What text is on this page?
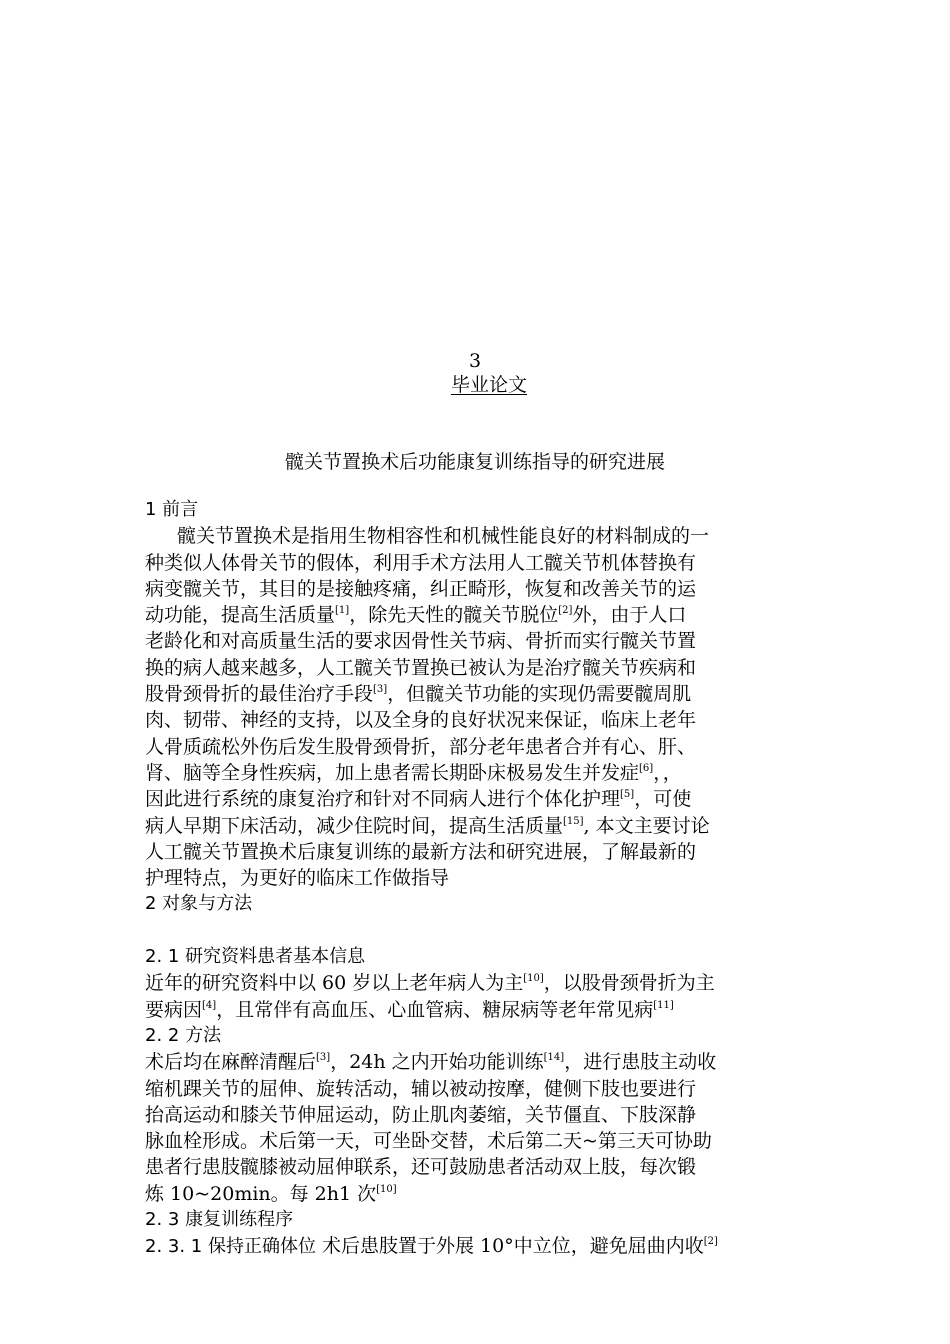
3
毕业论文
髋关节置换术后功能康复训练指导的研究进展
1 前言
髋关节置换术是指用生物相容性和机械性能良好的材料制成的一
种类似人体骨关节的假体，利用手术方法用人工髋关节机体替换有
病变髋关节，其目的是接触疼痛，纠正畸形，恢复和改善关节的运
动功能，提高生活质量[1]，除先天性的髋关节脱位[2]外，由于人口
老龄化和对高质量生活的要求因骨性关节病、骨折而实行髋关节置
换的病人越来越多，人工髋关节置换已被认为是治疗髋关节疾病和
股骨颈骨折的最佳治疗手段[3]，但髋关节功能的实现仍需要髋周肌
肉、韧带、神经的支持，以及全身的良好状况来保证，临床上老年
人骨质疏松外伤后发生股骨颈骨折，部分老年患者合并有心、肝、
肾、脑等全身性疾病，加上患者需长期卧床极易发生并发症[6]，，
因此进行系统的康复治疗和针对不同病人进行个体化护理[5]，可使
病人早期下床活动，减少住院时间，提高生活质量[15], 本文主要讨论
人工髋关节置换术后康复训练的最新方法和研究进展，了解最新的
护理特点，为更好的临床工作做指导
2 对象与方法
2. 1 研究资料患者基本信息
近年的研究资料中以 60 岁以上老年病人为主[10]，以股骨颈骨折为主
要病因[4]，且常伴有高血压、心血管病、糖尿病等老年常见病[11]
2. 2 方法
术后均在麻醉清醒后[3]，24h 之内开始功能训练[14]，进行患肢主动收
缩机踝关节的屈伸、旋转活动，辅以被动按摩，健侧下肢也要进行
抬高运动和膝关节伸屈运动，防止肌肉萎缩，关节僵直、下肢深静
脉血栓形成。术后第一天，可坐卧交替，术后第二天~第三天可协助
患者行患肢髋膝被动屈伸联系，还可鼓励患者活动双上肢，每次锻
炼 10~20min。每 2h1 次[10]
2. 3 康复训练程序
2. 3. 1 保持正确体位 术后患肢置于外展 10°中立位，避免屈曲内收[2]
